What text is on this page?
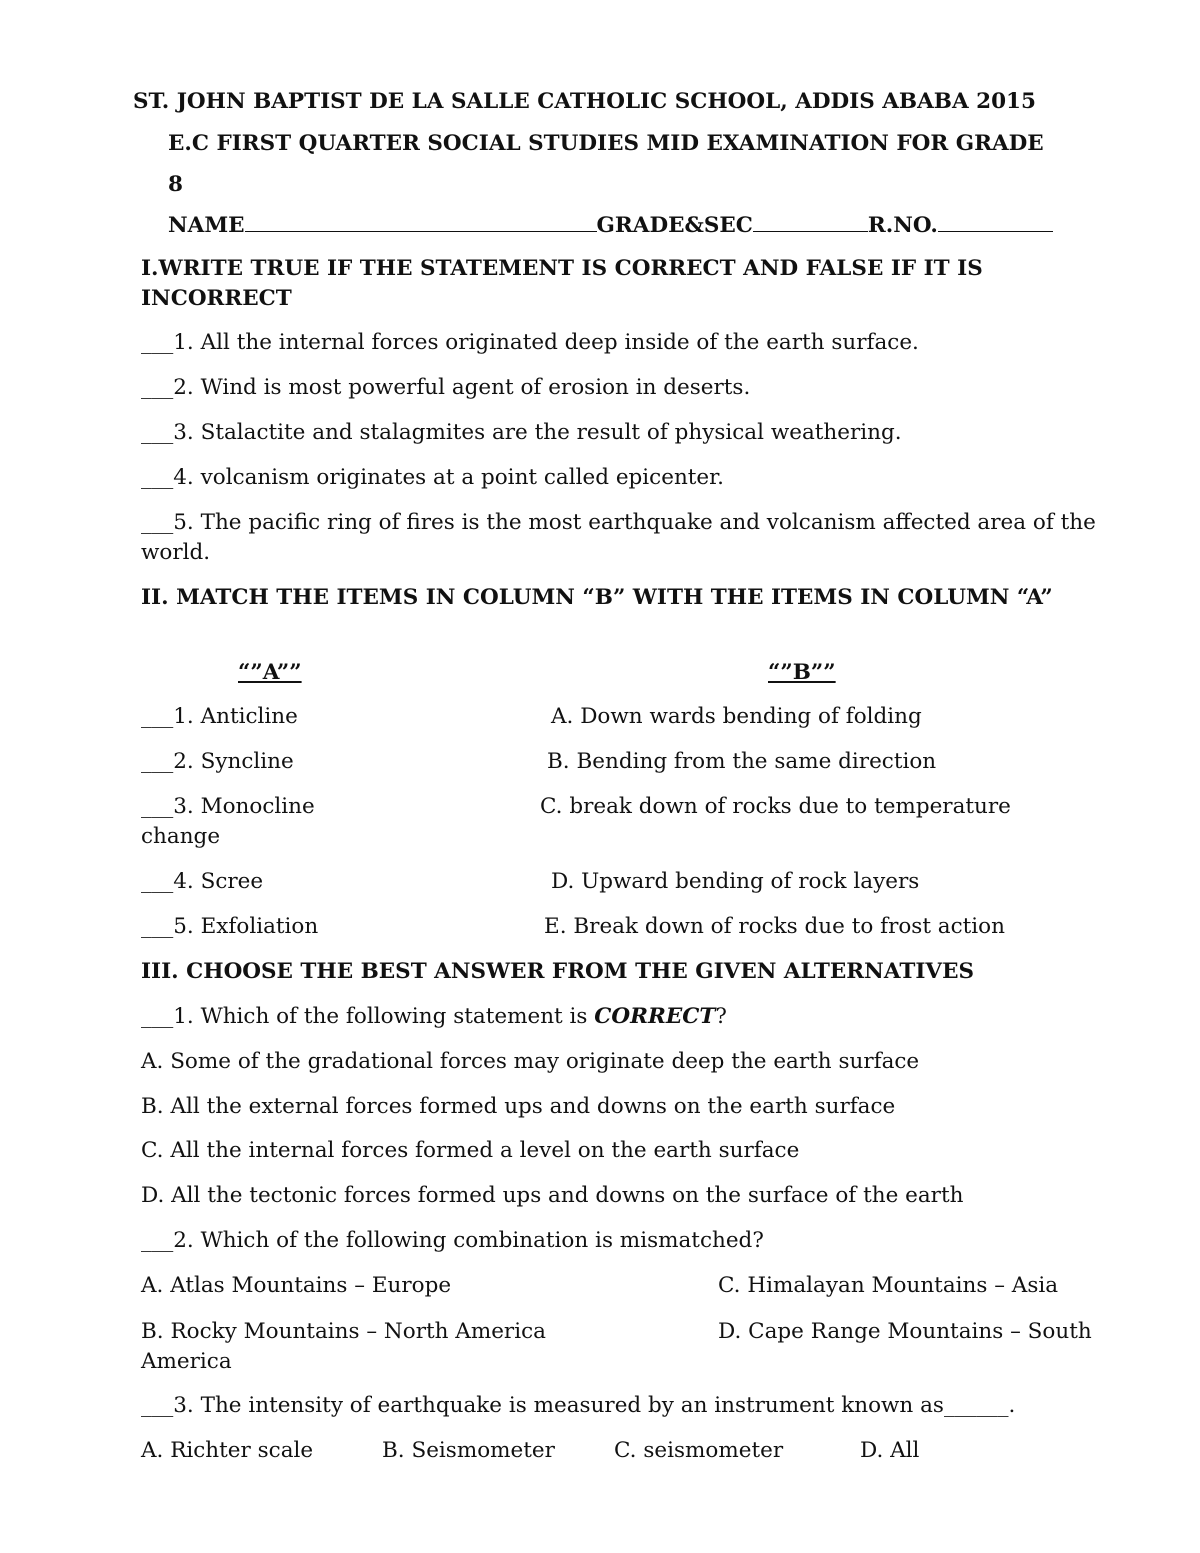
ST. JOHN BAPTIST DE LA SALLE CATHOLIC SCHOOL, ADDIS ABABA 2015
E.C FIRST QUARTER SOCIAL STUDIES MID EXAMINATION FOR GRADE
8
NAME	GRADE&SEC	R.NO.
I.WRITE TRUE IF THE STATEMENT IS CORRECT AND FALSE IF IT IS INCORRECT
___1. All the internal forces originated deep inside of the earth surface.
___2. Wind is most powerful agent of erosion in deserts.
___3. Stalactite and stalagmites are the result of physical weathering.
___4. volcanism originates at a point called epicenter.
___5. The pacific ring of fires is the most earthquake and volcanism affected area of the world.
II. MATCH THE ITEMS IN COLUMN “B” WITH THE ITEMS IN COLUMN “A”
“”A””	“”B””
___1. Anticline	A. Down wards bending of folding
___2. Syncline	B. Bending from the same direction
___3. Monocline	C. break down of rocks due to temperature
change
___4. Scree	D. Upward bending of rock layers
___5. Exfoliation	E. Break down of rocks due to frost action
III. CHOOSE THE BEST ANSWER FROM THE GIVEN ALTERNATIVES
___1. Which of the following statement is CORRECT?
A. Some of the gradational forces may originate deep the earth surface
B. All the external forces formed ups and downs on the earth surface
C. All the internal forces formed a level on the earth surface
D. All the tectonic forces formed ups and downs on the surface of the earth
___2. Which of the following combination is mismatched?
A. Atlas Mountains – Europe	C. Himalayan Mountains – Asia
B. Rocky Mountains – North America	D. Cape Range Mountains – South
America
___3. The intensity of earthquake is measured by an instrument known as______.
A. Richter scale	B. Seismometer	C. seismometer	D. All
